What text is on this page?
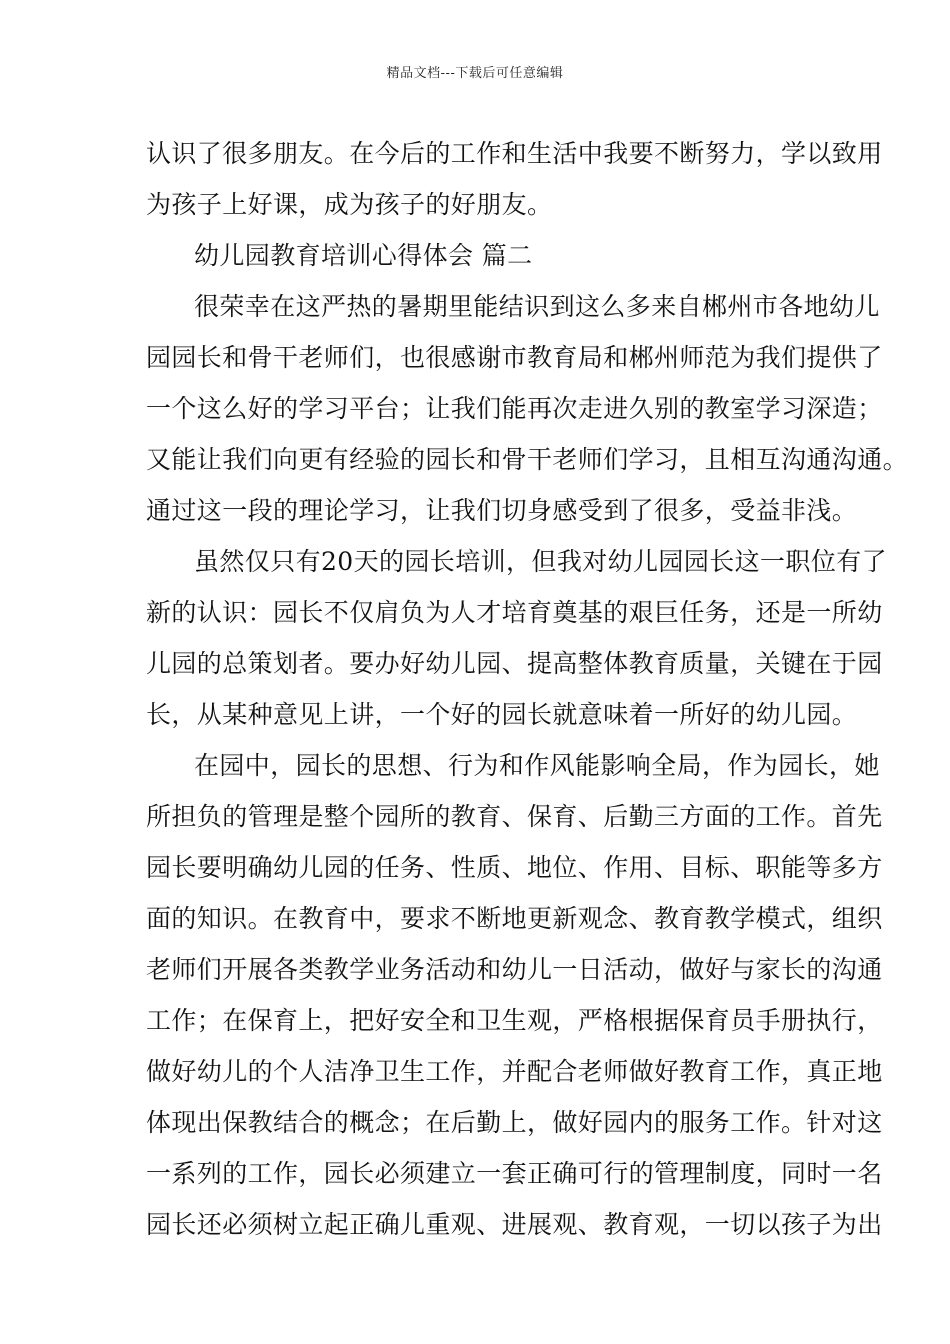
精品文档---下载后可任意编辑
认识了很多朋友。在今后的工作和生活中我要不断努力，学以致用
为孩子上好课，成为孩子的好朋友。
幼儿园教育培训心得体会 篇二
很荣幸在这严热的暑期里能结识到这么多来自郴州市各地幼儿
园园长和骨干老师们，也很感谢市教育局和郴州师范为我们提供了
一个这么好的学习平台；让我们能再次走进久别的教室学习深造；
又能让我们向更有经验的园长和骨干老师们学习，且相互沟通沟通。
通过这一段的理论学习，让我们切身感受到了很多，受益非浅。
虽然仅只有20天的园长培训，但我对幼儿园园长这一职位有了
新的认识：园长不仅肩负为人才培育奠基的艰巨任务，还是一所幼
儿园的总策划者。要办好幼儿园、提高整体教育质量，关键在于园
长，从某种意见上讲，一个好的园长就意味着一所好的幼儿园。
在园中，园长的思想、行为和作风能影响全局，作为园长，她
所担负的管理是整个园所的教育、保育、后勤三方面的工作。首先
园长要明确幼儿园的任务、性质、地位、作用、目标、职能等多方
面的知识。在教育中，要求不断地更新观念、教育教学模式，组织
老师们开展各类教学业务活动和幼儿一日活动，做好与家长的沟通
工作；在保育上，把好安全和卫生观，严格根据保育员手册执行，
做好幼儿的个人洁净卫生工作，并配合老师做好教育工作，真正地
体现出保教结合的概念；在后勤上，做好园内的服务工作。针对这
一系列的工作，园长必须建立一套正确可行的管理制度，同时一名
园长还必须树立起正确儿重观、进展观、教育观，一切以孩子为出
